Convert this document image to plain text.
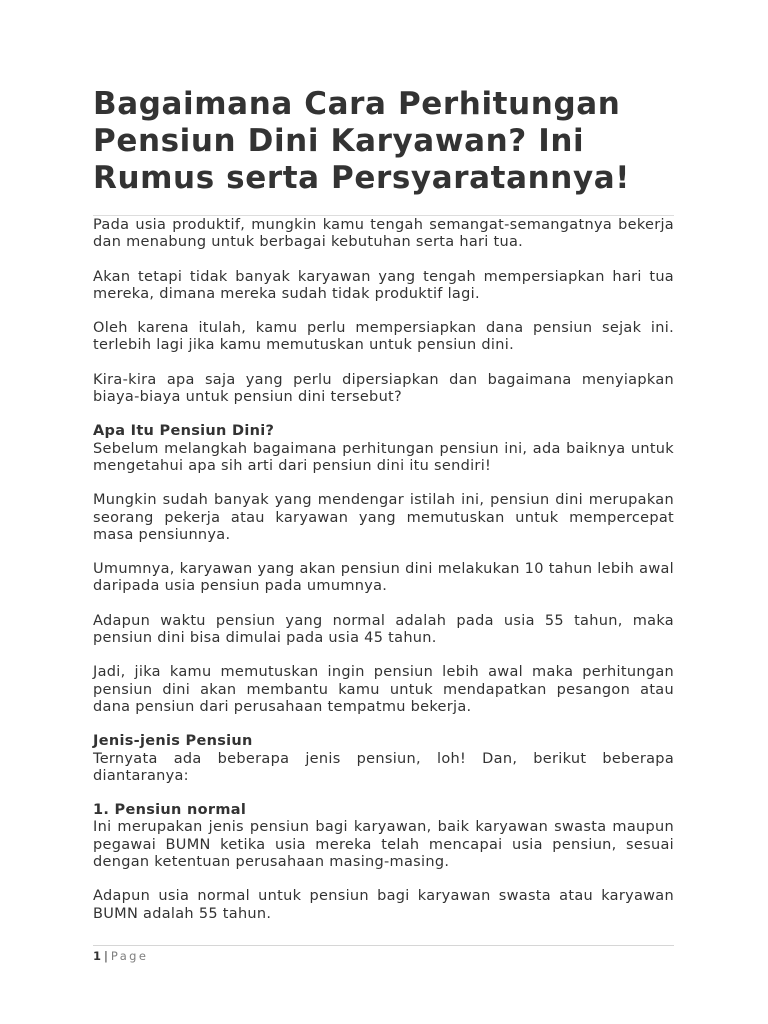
Bagaimana Cara Perhitungan Pensiun Dini Karyawan? Ini Rumus serta Persyaratannya!

Pada usia produktif, mungkin kamu tengah semangat-semangatnya bekerja dan menabung untuk berbagai kebutuhan serta hari tua.

Akan tetapi tidak banyak karyawan yang tengah mempersiapkan hari tua mereka, dimana mereka sudah tidak produktif lagi.

Oleh karena itulah, kamu perlu mempersiapkan dana pensiun sejak ini. terlebih lagi jika kamu memutuskan untuk pensiun dini.

Kira-kira apa saja yang perlu dipersiapkan dan bagaimana menyiapkan biaya-biaya untuk pensiun dini tersebut?

Apa Itu Pensiun Dini?

Sebelum melangkah bagaimana perhitungan pensiun ini, ada baiknya untuk mengetahui apa sih arti dari pensiun dini itu sendiri!

Mungkin sudah banyak yang mendengar istilah ini, pensiun dini merupakan seorang pekerja atau karyawan yang memutuskan untuk mempercepat masa pensiunnya.

Umumnya, karyawan yang akan pensiun dini melakukan 10 tahun lebih awal daripada usia pensiun pada umumnya.

Adapun waktu pensiun yang normal adalah pada usia 55 tahun, maka pensiun dini bisa dimulai pada usia 45 tahun.

Jadi, jika kamu memutuskan ingin pensiun lebih awal maka perhitungan pensiun dini akan membantu kamu untuk mendapatkan pesangon atau dana pensiun dari perusahaan tempatmu bekerja.

Jenis-jenis Pensiun

Ternyata ada beberapa jenis pensiun, loh! Dan, berikut beberapa diantaranya:

1. Pensiun normal

Ini merupakan jenis pensiun bagi karyawan, baik karyawan swasta maupun pegawai BUMN ketika usia mereka telah mencapai usia pensiun, sesuai dengan ketentuan perusahaan masing-masing.

Adapun usia normal untuk pensiun bagi karyawan swasta atau karyawan BUMN adalah 55 tahun.

1 | Page
